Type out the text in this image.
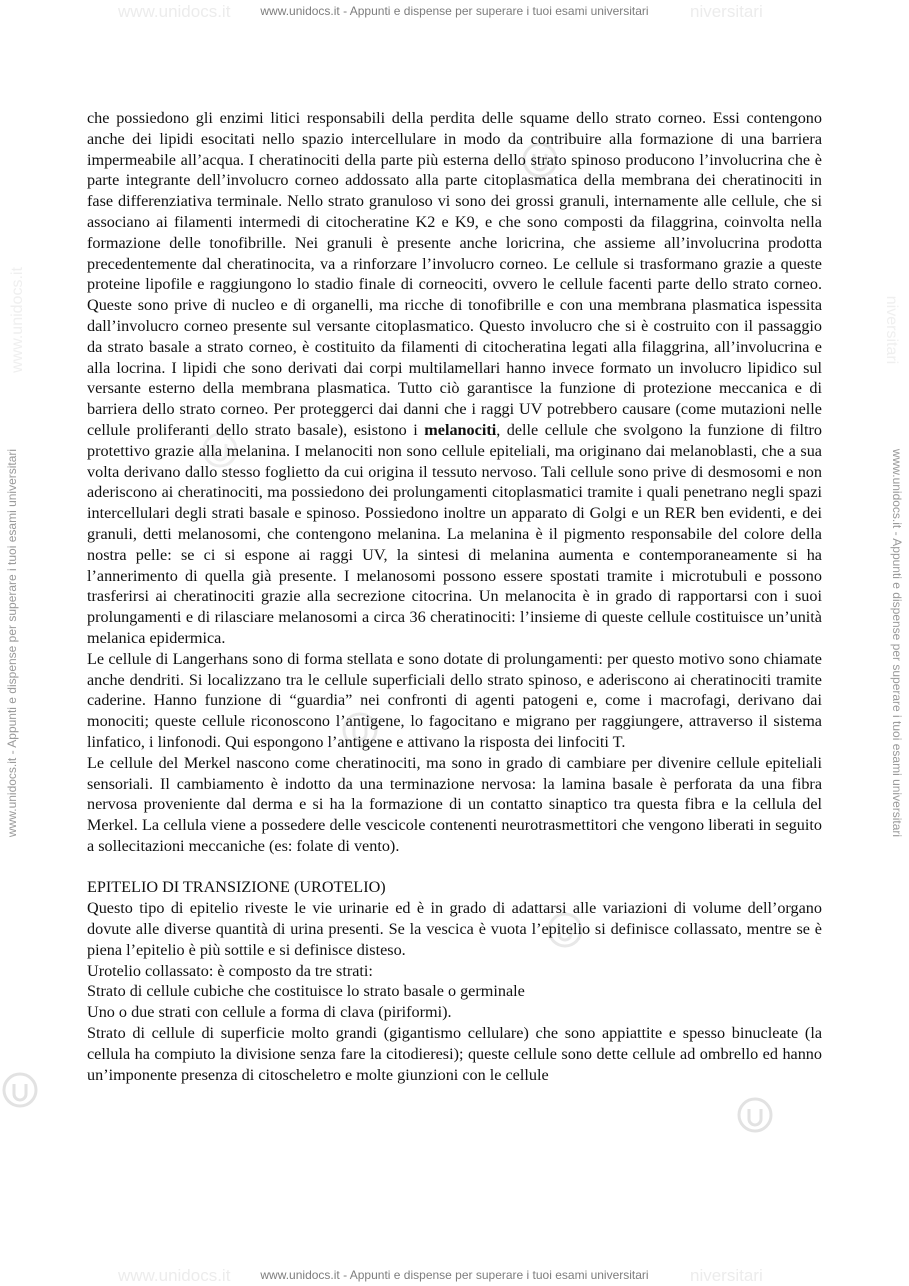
www.unidocs.it	niversitari
www.unidocs.it - Appunti e dispense per superare i tuoi esami universitari
www.unidocs.it - Appunti e dispense per superare i tuoi esami universitari	www.unidocs.it - Appunti e dispense per superare i tuoi esami universitari
www.unidocs.it	niversitari

che possiedono gli enzimi litici responsabili della perdita delle squame dello strato corneo. Essi contengono anche dei lipidi esocitati nello spazio intercellulare in modo da contribuire alla formazione di una barriera impermeabile all’acqua. I cheratinociti della parte più esterna dello strato spinoso producono l’involucrina che è parte integrante dell’involucro corneo addossato alla parte citoplasmatica della membrana dei cheratinociti in fase differenziativa terminale. Nello strato granuloso vi sono dei grossi granuli, internamente alle cellule, che si associano ai filamenti intermedi di citocheratine K2 e K9, e che sono composti da filaggrina, coinvolta nella formazione delle tonofibrille. Nei granuli è presente anche loricrina, che assieme all’involucrina prodotta precedentemente dal cheratinocita, va a rinforzare l’involucro corneo. Le cellule si trasformano grazie a queste proteine lipofile e raggiungono lo stadio finale di corneociti, ovvero le cellule facenti parte dello strato corneo. Queste sono prive di nucleo e di organelli, ma ricche di tonofibrille e con una membrana plasmatica ispessita dall’involucro corneo presente sul versante citoplasmatico. Questo involucro che si è costruito con il passaggio da strato basale a strato corneo, è costituito da filamenti di citocheratina legati alla filaggrina, all’involucrina e alla locrina. I lipidi che sono derivati dai corpi multilamellari hanno invece formato un involucro lipidico sul versante esterno della membrana plasmatica. Tutto ciò garantisce la funzione di protezione meccanica e di barriera dello strato corneo. Per proteggerci dai danni che i raggi UV potrebbero causare (come mutazioni nelle cellule proliferanti dello strato basale), esistono i melanociti, delle cellule che svolgono la funzione di filtro protettivo grazie alla melanina. I melanociti non sono cellule epiteliali, ma originano dai melanoblasti, che a sua volta derivano dallo stesso foglietto da cui origina il tessuto nervoso. Tali cellule sono prive di desmosomi e non aderiscono ai cheratinociti, ma possiedono dei prolungamenti citoplasmatici tramite i quali penetrano negli spazi intercellulari degli strati basale e spinoso. Possiedono inoltre un apparato di Golgi e un RER ben evidenti, e dei granuli, detti melanosomi, che contengono melanina. La melanina è il pigmento responsabile del colore della nostra pelle: se ci si espone ai raggi UV, la sintesi di melanina aumenta e contemporaneamente si ha l’annerimento di quella già presente. I melanosomi possono essere spostati tramite i microtubuli e possono trasferirsi ai cheratinociti grazie alla secrezione citocrina. Un melanocita è in grado di rapportarsi con i suoi prolungamenti e di rilasciare melanosomi a circa 36 cheratinociti: l’insieme di queste cellule costituisce un’unità melanica epidermica.

Le cellule di Langerhans sono di forma stellata e sono dotate di prolungamenti: per questo motivo sono chiamate anche dendriti. Si localizzano tra le cellule superficiali dello strato spinoso, e aderiscono ai cheratinociti tramite caderine. Hanno funzione di “guardia” nei confronti di agenti patogeni e, come i macrofagi, derivano dai monociti; queste cellule riconoscono l’antigene, lo fagocitano e migrano per raggiungere, attraverso il sistema linfatico, i linfonodi. Qui espongono l’antigene e attivano la risposta dei linfociti T.

Le cellule del Merkel nascono come cheratinociti, ma sono in grado di cambiare per divenire cellule epiteliali sensoriali. Il cambiamento è indotto da una terminazione nervosa: la lamina basale è perforata da una fibra nervosa proveniente dal derma e si ha la formazione di un contatto sinaptico tra questa fibra e la cellula del Merkel. La cellula viene a possedere delle vescicole contenenti neurotrasmettitori che vengono liberati in seguito a sollecitazioni meccaniche (es: folate di vento).

EPITELIO DI TRANSIZIONE (UROTELIO)

Questo tipo di epitelio riveste le vie urinarie ed è in grado di adattarsi alle variazioni di volume dell’organo dovute alle diverse quantità di urina presenti. Se la vescica è vuota l’epitelio si definisce collassato, mentre se è piena l’epitelio è più sottile e si definisce disteso.

Urotelio collassato: è composto da tre strati:

Strato di cellule cubiche che costituisce lo strato basale o germinale

Uno o due strati con cellule a forma di clava (piriformi).

Strato di cellule di superficie molto grandi (gigantismo cellulare) che sono appiattite e spesso binucleate (la cellula ha compiuto la divisione senza fare la citodieresi); queste cellule sono dette cellule ad ombrello ed hanno un’imponente presenza di citoscheletro e molte giunzioni con le cellule

www.unidocs.it	niversitari
www.unidocs.it - Appunti e dispense per superare i tuoi esami universitari
